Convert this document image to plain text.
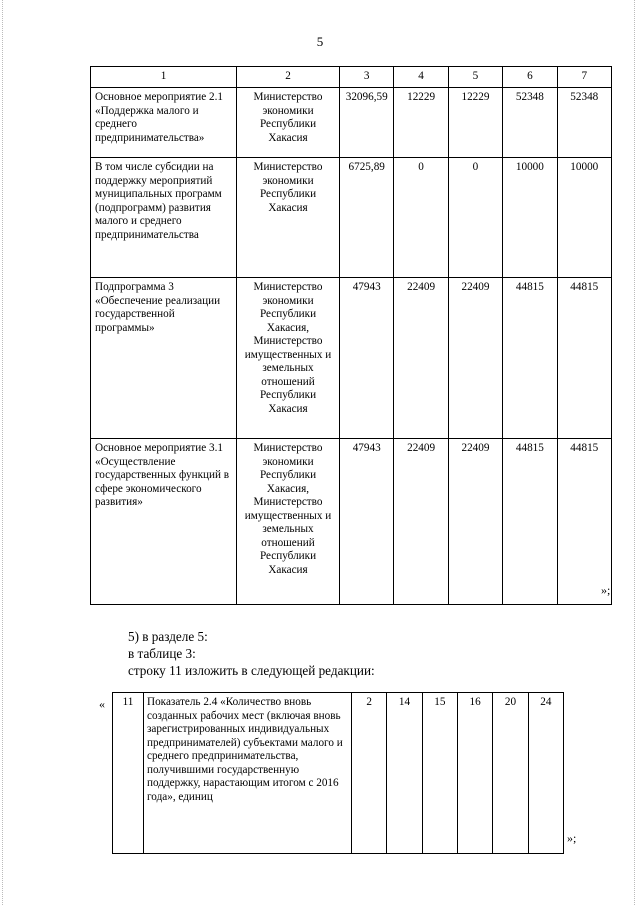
5
1	2	3	4	5	6	7
Основное мероприятие 2.1 «Поддержка малого и среднего предпринимательства»	Министерство экономики Республики Хакасия	32096,59	12229	12229	52348	52348
В том числе субсидии на поддержку мероприятий муниципальных программ (подпрограмм) развития малого и среднего предпринимательства	Министерство экономики Республики Хакасия	6725,89	0	0	10000	10000
Подпрограмма 3 «Обеспечение реализации государственной программы»	Министерство экономики Республики Хакасия, Министерство имущественных и земельных отношений Республики Хакасия	47943	22409	22409	44815	44815
Основное мероприятие 3.1 «Осуществление государственных функций в сфере экономического развития»	Министерство экономики Республики Хакасия, Министерство имущественных и земельных отношений Республики Хакасия	47943	22409	22409	44815	44815
»;
5) в разделе 5:
в таблице 3:
строку 11 изложить в следующей редакции:
« 11	Показатель 2.4 «Количество вновь созданных рабочих мест (включая вновь зарегистрированных индивидуальных предпринимателей) субъектами малого и среднего предпринимательства, получившими государственную поддержку, нарастающим итогом с 2016 года», единиц	2	14	15	16	20	24
»;
